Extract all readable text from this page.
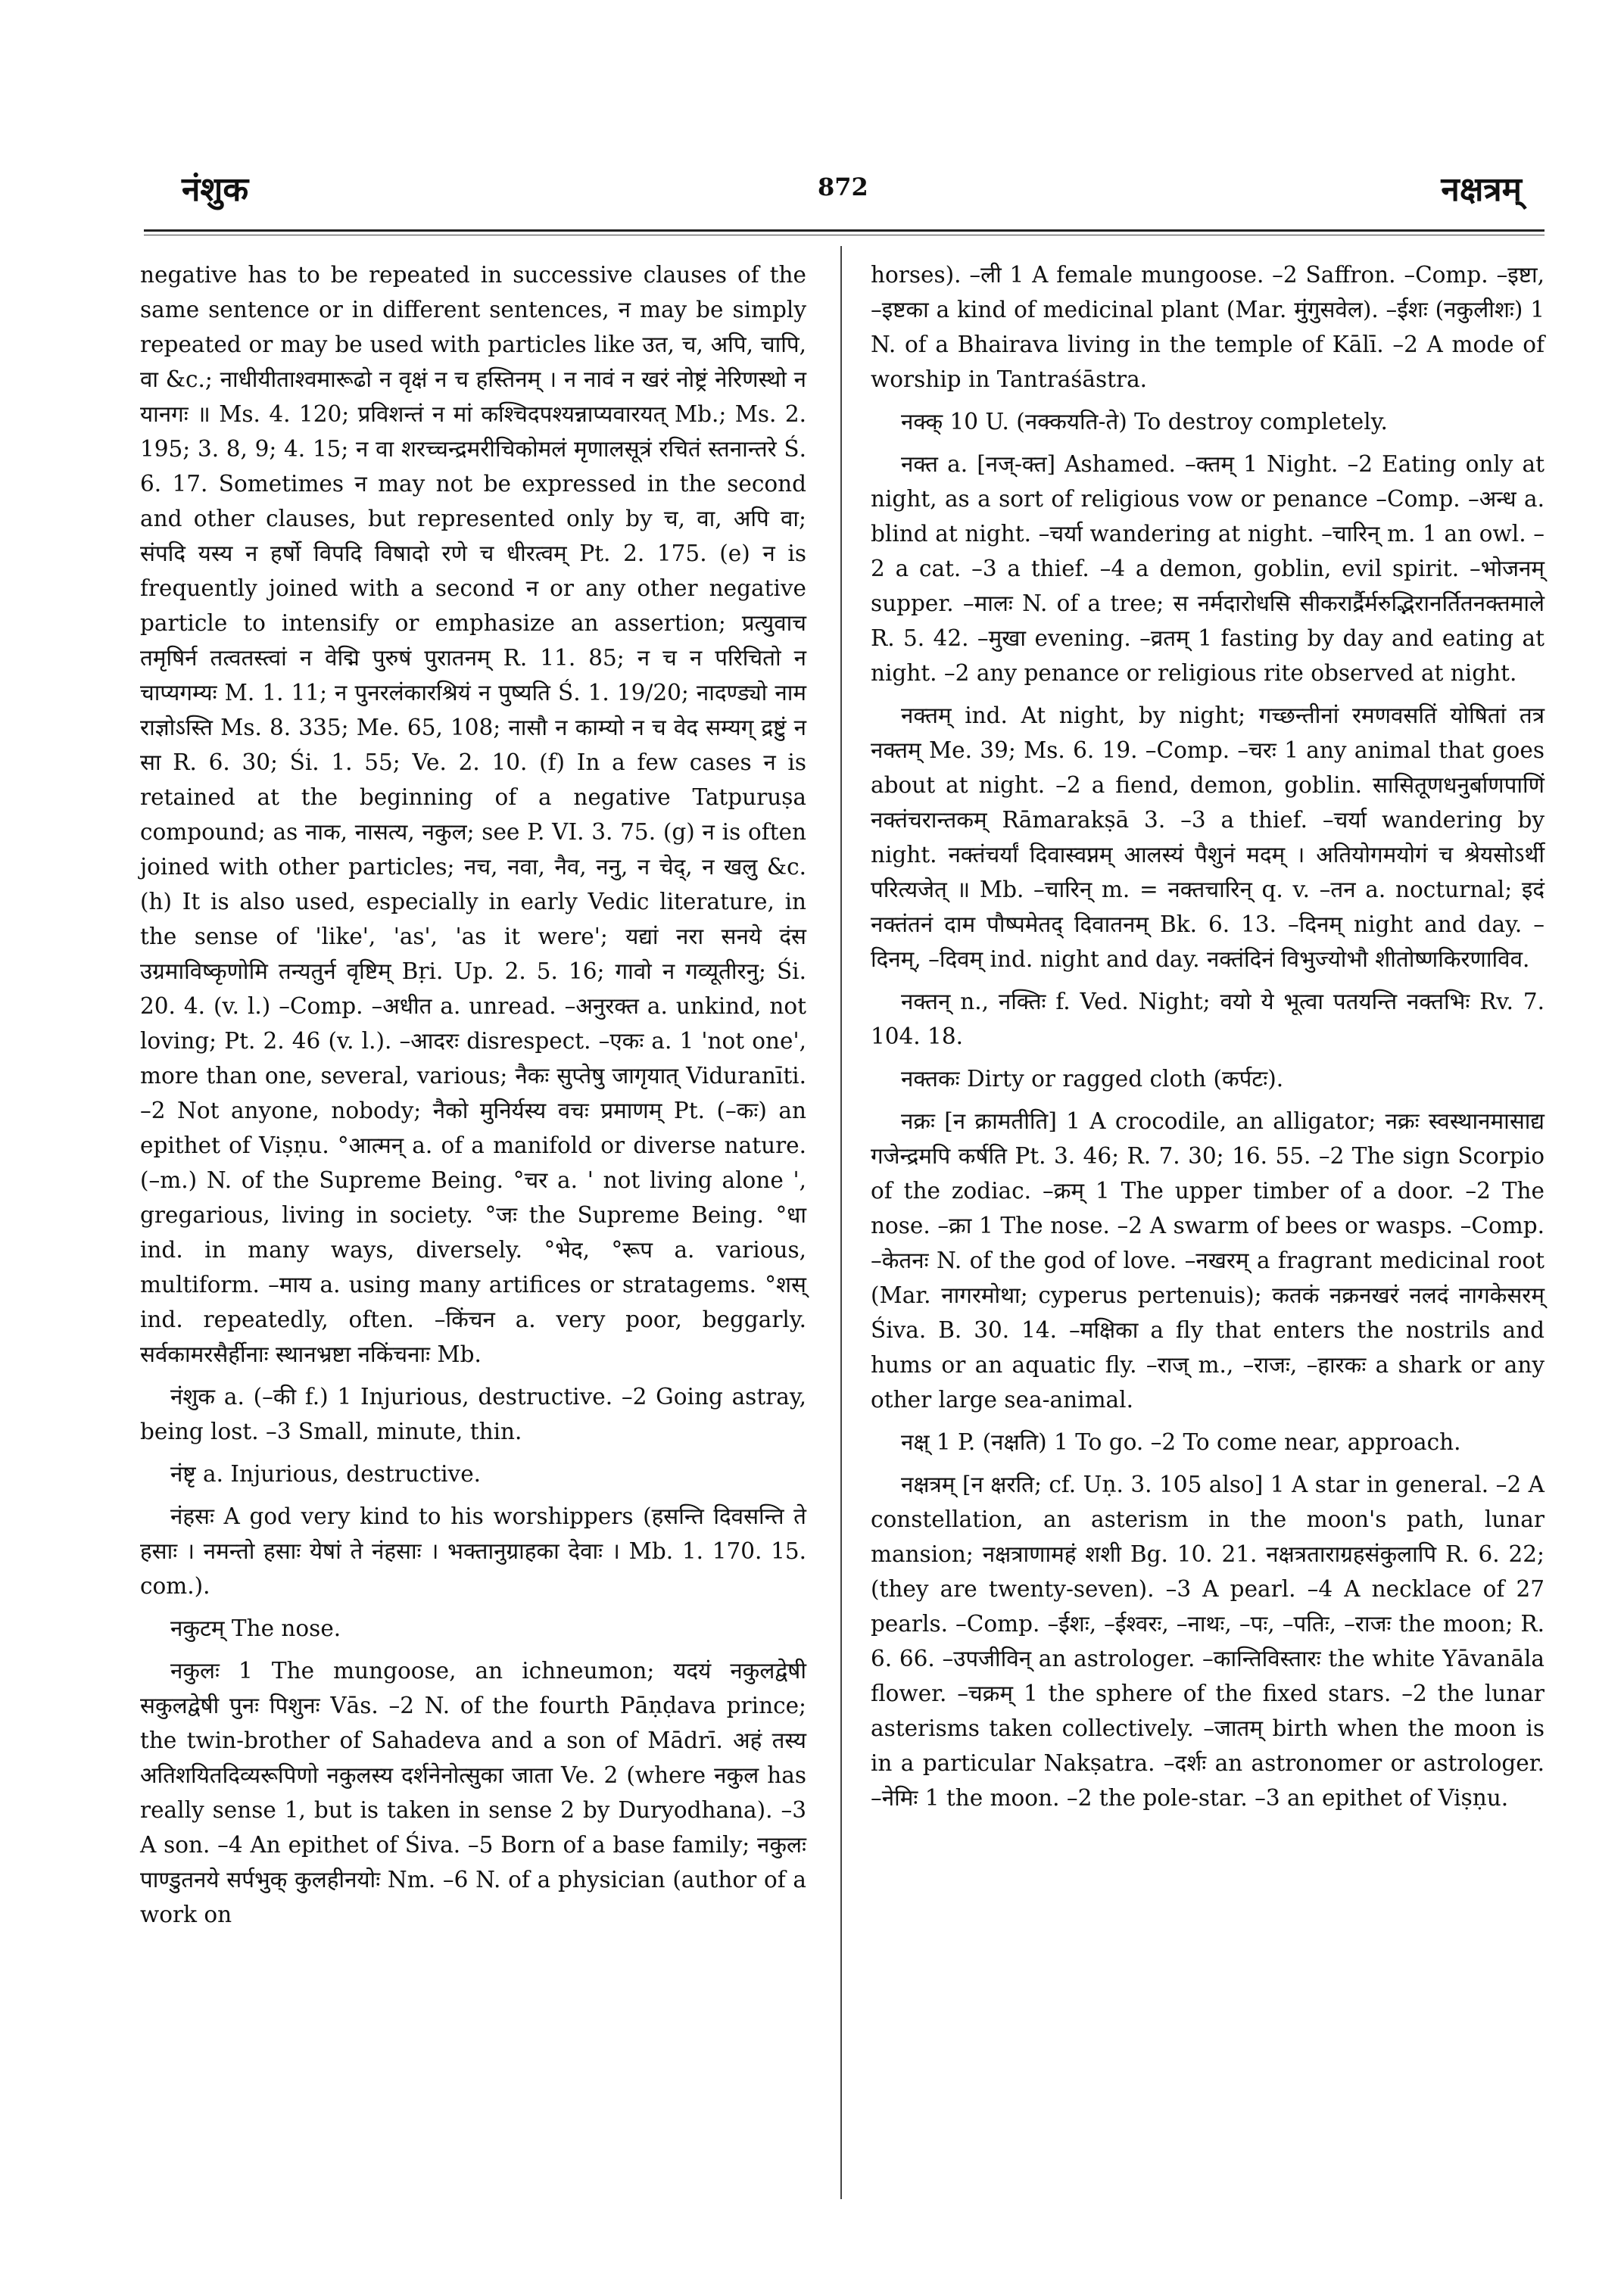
नंशुक	872	नक्षत्रम्

negative has to be repeated in successive clauses of the same sentence or in different sentences, न may be simply repeated or may be used with particles like उत, च, अपि, चापि, वा &c.; नाधीयीताश्वमारूढो न वृक्षं न च हस्तिनम् । न नावं न खरं नोष्ट्रं नेरिणस्थो न यानगः ॥ Ms. 4. 120; प्रविशन्तं न मां कश्चिदपश्यन्नाप्यवारयत् Mb.; Ms. 2. 195; 3. 8, 9; 4. 15; न वा शरच्चन्द्रमरीचिकोमलं मृणालसूत्रं रचितं स्तनान्तरे Ś. 6. 17. Sometimes न may not be expressed in the second and other clauses, but represented only by च, वा, अपि वा; संपदि यस्य न हर्षो विपदि विषादो रणे च धीरत्वम् Pt. 2. 175. (e) न is frequently joined with a second न or any other negative particle to intensify or emphasize an assertion; प्रत्युवाच तमृषिर्न तत्वतस्त्वां न वेद्मि पुरुषं पुरातनम् R. 11. 85; न च न परिचितो न चाप्यगम्यः M. 1. 11; न पुनरलंकारश्रियं न पुष्यति Ś. 1. 19/20; नादण्ड्यो नाम राज्ञोऽस्ति Ms. 8. 335; Me. 65, 108; नासौ न काम्यो न च वेद सम्यग् द्रष्टुं न सा R. 6. 30; Śi. 1. 55; Ve. 2. 10. (f) In a few cases न is retained at the beginning of a negative Tatpuruṣa compound; as नाक, नासत्य, नकुल; see P. VI. 3. 75. (g) न is often joined with other particles; नच, नवा, नैव, ननु, न चेद्, न खलु &c. (h) It is also used, especially in early Vedic literature, in the sense of 'like', 'as', 'as it were'; यद्यां नरा सनये दंस उग्रमाविष्कृणोमि तन्यतुर्न वृष्टिम् Bṛi. Up. 2. 5. 16; गावो न गव्यूतीरनु; Śi. 20. 4. (v. l.) –Comp. –अधीत a. unread. –अनुरक्त a. unkind, not loving; Pt. 2. 46 (v. l.). –आदरः disrespect. –एकः a. 1 'not one', more than one, several, various; नैकः सुप्तेषु जागृयात् Viduranīti. –2 Not anyone, nobody; नैको मुनिर्यस्य वचः प्रमाणम् Pt. (–कः) an epithet of Viṣṇu. °आत्मन् a. of a manifold or diverse nature. (–m.) N. of the Supreme Being. °चर a. ' not living alone ', gregarious, living in society. °जः the Supreme Being. °धा ind. in many ways, diversely. °भेद, °रूप a. various, multiform. –माय a. using many artifices or stratagems. °शस् ind. repeatedly, often. –किंचन a. very poor, beggarly. सर्वकामरसैर्हीनाः स्थानभ्रष्टा नकिंचनाः Mb.

नंशुक a. (–की f.) 1 Injurious, destructive. –2 Going astray, being lost. –3 Small, minute, thin.

नंष्टृ a. Injurious, destructive.

नंहसः A god very kind to his worshippers (हसन्ति दिवसन्ति ते हसाः । नमन्तो हसाः येषां ते नंहसाः । भक्तानुग्राहका देवाः । Mb. 1. 170. 15. com.).

नकुटम् The nose.

नकुलः 1 The mungoose, an ichneumon; यदयं नकुलद्वेषी सकुलद्वेषी पुनः पिशुनः Vās. –2 N. of the fourth Pāṇḍava prince; the twin-brother of Sahadeva and a son of Mādrī. अहं तस्य अतिशयितदिव्यरूपिणो नकुलस्य दर्शनेनोत्सुका जाता Ve. 2 (where नकुल has really sense 1, but is taken in sense 2 by Duryodhana). –3 A son. –4 An epithet of Śiva. –5 Born of a base family; नकुलः पाण्डुतनये सर्पभुक् कुलहीनयोः Nm. –6 N. of a physician (author of a work on

horses). –ली 1 A female mungoose. –2 Saffron. –Comp. –इष्टा, –इष्टका a kind of medicinal plant (Mar. मुंगुसवेल). –ईशः (नकुलीशः) 1 N. of a Bhairava living in the temple of Kālī. –2 A mode of worship in Tantraśāstra.

नक्क् 10 U. (नक्कयति-ते) To destroy completely.

नक्त a. [नज्-क्त] Ashamed. –क्तम् 1 Night. –2 Eating only at night, as a sort of religious vow or penance –Comp. –अन्ध a. blind at night. –चर्या wandering at night. –चारिन् m. 1 an owl. –2 a cat. –3 a thief. –4 a demon, goblin, evil spirit. –भोजनम् supper. –मालः N. of a tree; स नर्मदारोधसि सीकरार्द्रैर्मरुद्भिरानर्तितनक्तमाले R. 5. 42. –मुखा evening. –व्रतम् 1 fasting by day and eating at night. –2 any penance or religious rite observed at night.

नक्तम् ind. At night, by night; गच्छन्तीनां रमणवसतिं योषितां तत्र नक्तम् Me. 39; Ms. 6. 19. –Comp. –चरः 1 any animal that goes about at night. –2 a fiend, demon, goblin. सासितूणधनुर्बाणपाणिं नक्तंचरान्तकम् Rāmarakṣā 3. –3 a thief. –चर्या wandering by night. नक्तंचर्यां दिवास्वप्नम् आलस्यं पैशुनं मदम् । अतियोगमयोगं च श्रेयसोऽर्थी परित्यजेत् ॥ Mb. –चारिन् m. = नक्तचारिन् q. v. –तन a. nocturnal; इदं नक्तंतनं दाम पौष्पमेतद् दिवातनम् Bk. 6. 13. –दिनम् night and day. –दिनम्, –दिवम् ind. night and day. नक्तंदिनं विभुज्योभौ शीतोष्णकिरणाविव.

नक्तन् n., नक्तिः f. Ved. Night; वयो ये भूत्वा पतयन्ति नक्तभिः Rv. 7. 104. 18.

नक्तकः Dirty or ragged cloth (कर्पटः).

नक्रः [न क्रामतीति] 1 A crocodile, an alligator; नक्रः स्वस्थानमासाद्य गजेन्द्रमपि कर्षति Pt. 3. 46; R. 7. 30; 16. 55. –2 The sign Scorpio of the zodiac. –क्रम् 1 The upper timber of a door. –2 The nose. –क्रा 1 The nose. –2 A swarm of bees or wasps. –Comp. –केतनः N. of the god of love. –नखरम् a fragrant medicinal root (Mar. नागरमोथा; cyperus pertenuis); कतकं नक्रनखरं नलदं नागकेसरम् Śiva. B. 30. 14. –मक्षिका a fly that enters the nostrils and hums or an aquatic fly. –राज् m., –राजः, –हारकः a shark or any other large sea-animal.

नक्ष् 1 P. (नक्षति) 1 To go. –2 To come near, approach.

नक्षत्रम् [न क्षरति; cf. Uṇ. 3. 105 also] 1 A star in general. –2 A constellation, an asterism in the moon's path, lunar mansion; नक्षत्राणामहं शशी Bg. 10. 21. नक्षत्रताराग्रहसंकुलापि R. 6. 22; (they are twenty-seven). –3 A pearl. –4 A necklace of 27 pearls. –Comp. –ईशः, –ईश्वरः, –नाथः, –पः, –पतिः, –राजः the moon; R. 6. 66. –उपजीविन् an astrologer. –कान्तिविस्तारः the white Yāvanāla flower. –चक्रम् 1 the sphere of the fixed stars. –2 the lunar asterisms taken collectively. –जातम् birth when the moon is in a particular Nakṣatra. –दर्शः an astronomer or astrologer. –नेमिः 1 the moon. –2 the pole-star. –3 an epithet of Viṣṇu.
